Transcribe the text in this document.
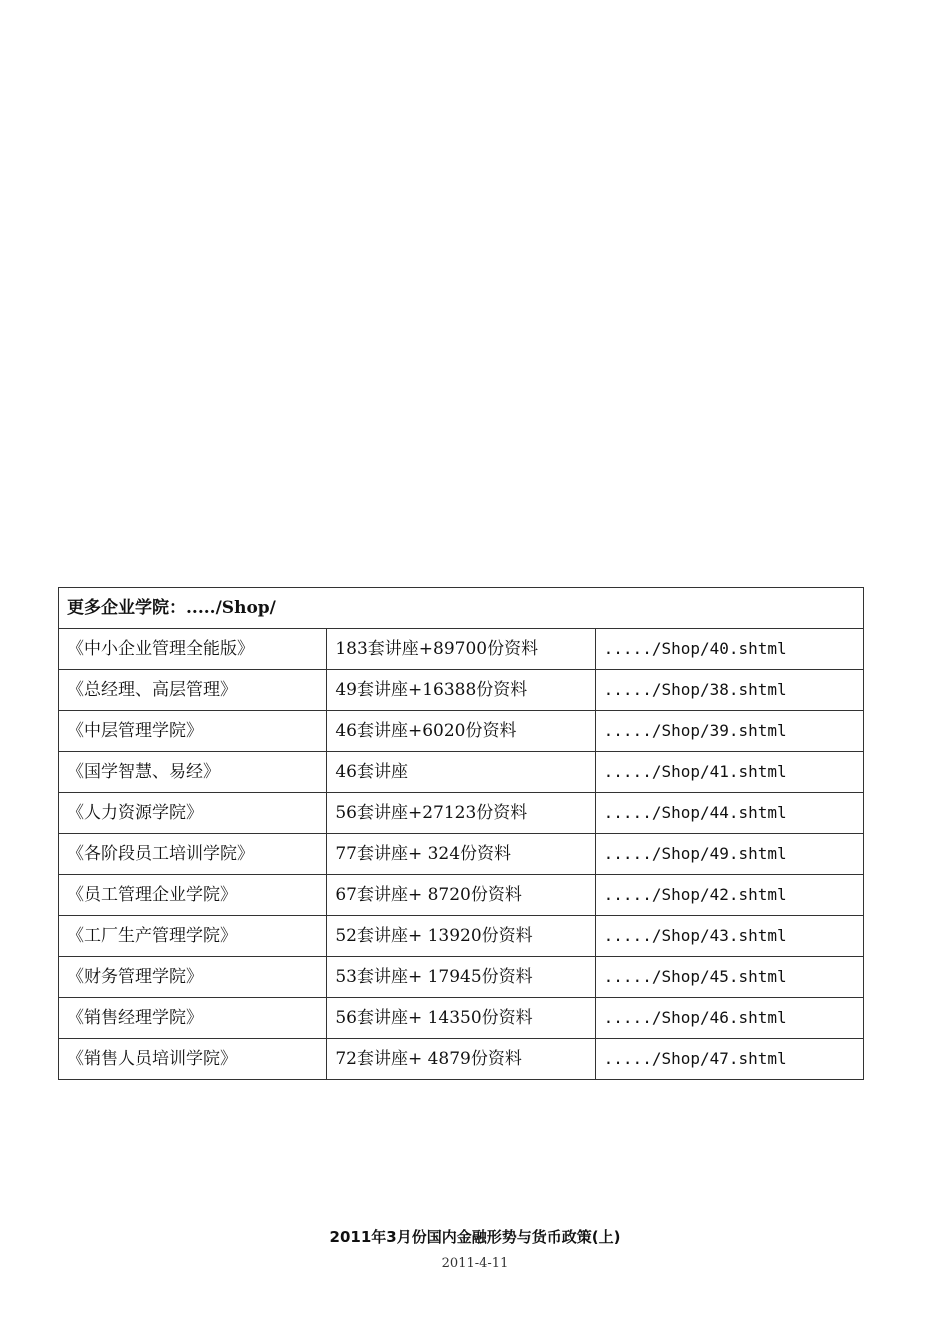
更多企业学院：...../Shop/		
《中小企业管理全能版》	183套讲座+89700份资料	...../Shop/40.shtml
《总经理、高层管理》	49套讲座+16388份资料	...../Shop/38.shtml
《中层管理学院》	46套讲座+6020份资料	...../Shop/39.shtml
《国学智慧、易经》	46套讲座	...../Shop/41.shtml
《人力资源学院》	56套讲座+27123份资料	...../Shop/44.shtml
《各阶段员工培训学院》	77套讲座+ 324份资料	...../Shop/49.shtml
《员工管理企业学院》	67套讲座+ 8720份资料	...../Shop/42.shtml
《工厂生产管理学院》	52套讲座+ 13920份资料	...../Shop/43.shtml
《财务管理学院》	53套讲座+ 17945份资料	...../Shop/45.shtml
《销售经理学院》	56套讲座+ 14350份资料	...../Shop/46.shtml
《销售人员培训学院》	72套讲座+ 4879份资料	...../Shop/47.shtml
2011年3月份国内金融形势与货币政策(上)
2011-4-11
